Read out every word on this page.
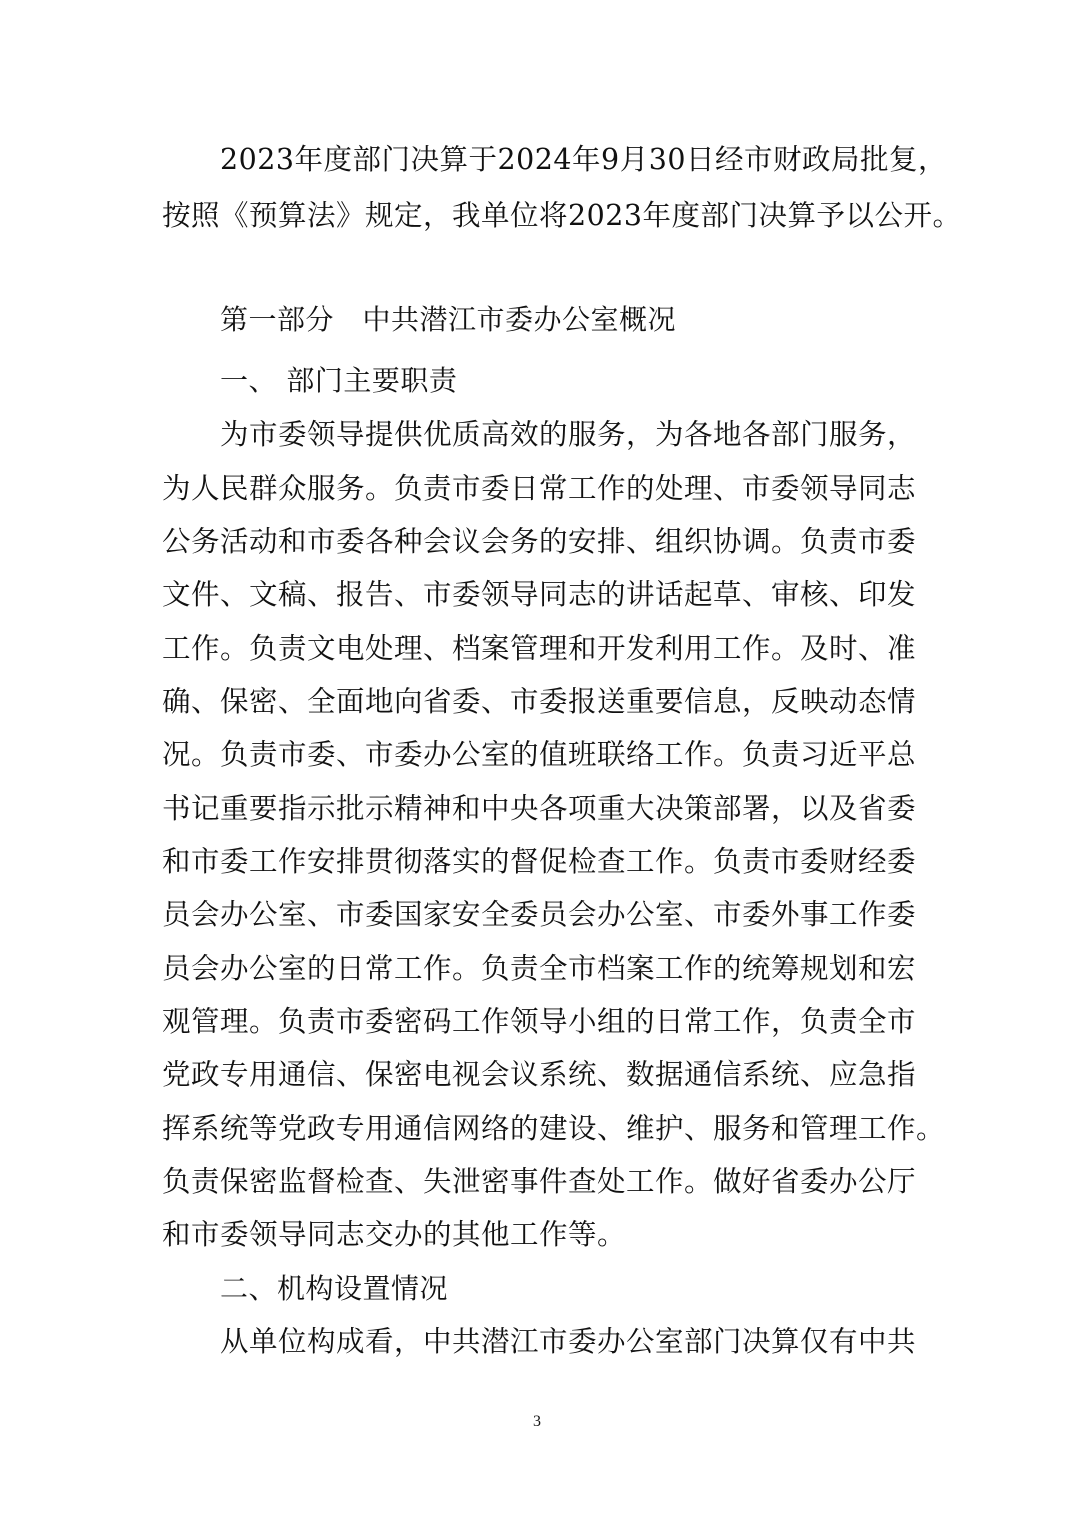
2023年度部门决算于2024年9月30日经市财政局批复，
按照《预算法》规定，我单位将2023年度部门决算予以公开。
第一部分　中共潜江市委办公室概况
一、 部门主要职责
为市委领导提供优质高效的服务，为各地各部门服务，
为人民群众服务。负责市委日常工作的处理、市委领导同志
公务活动和市委各种会议会务的安排、组织协调。负责市委
文件、文稿、报告、市委领导同志的讲话起草、审核、印发
工作。负责文电处理、档案管理和开发利用工作。及时、准
确、保密、全面地向省委、市委报送重要信息，反映动态情
况。负责市委、市委办公室的值班联络工作。负责习近平总
书记重要指示批示精神和中央各项重大决策部署，以及省委
和市委工作安排贯彻落实的督促检查工作。负责市委财经委
员会办公室、市委国家安全委员会办公室、市委外事工作委
员会办公室的日常工作。负责全市档案工作的统筹规划和宏
观管理。负责市委密码工作领导小组的日常工作，负责全市
党政专用通信、保密电视会议系统、数据通信系统、应急指
挥系统等党政专用通信网络的建设、维护、服务和管理工作。
负责保密监督检查、失泄密事件查处工作。做好省委办公厅
和市委领导同志交办的其他工作等。
二、机构设置情况
从单位构成看，中共潜江市委办公室部门决算仅有中共
3
